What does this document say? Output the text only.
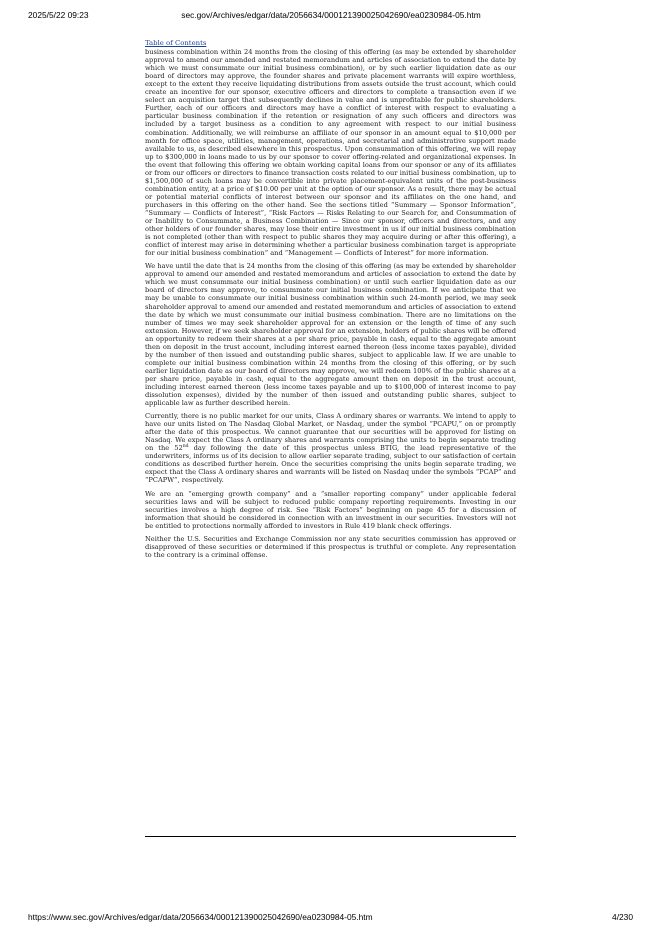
2025/5/22 09:23	sec.gov/Archives/edgar/data/2056634/000121390025042690/ea0230984-05.htm
Table of Contents

business combination within 24 months from the closing of this offering (as may be extended by shareholder approval to amend our amended and restated memorandum and articles of association to extend the date by which we must consummate our initial business combination), or by such earlier liquidation date as our board of directors may approve, the founder shares and private placement warrants will expire worthless, except to the extent they receive liquidating distributions from assets outside the trust account, which could create an incentive for our sponsor, executive officers and directors to complete a transaction even if we select an acquisition target that subsequently declines in value and is unprofitable for public shareholders. Further, each of our officers and directors may have a conflict of interest with respect to evaluating a particular business combination if the retention or resignation of any such officers and directors was included by a target business as a condition to any agreement with respect to our initial business combination. Additionally, we will reimburse an affiliate of our sponsor in an amount equal to $10,000 per month for office space, utilities, management, operations, and secretarial and administrative support made available to us, as described elsewhere in this prospectus. Upon consummation of this offering, we will repay up to $300,000 in loans made to us by our sponsor to cover offering-related and organizational expenses. In the event that following this offering we obtain working capital loans from our sponsor or any of its affiliates or from our officers or directors to finance transaction costs related to our initial business combination, up to $1,500,000 of such loans may be convertible into private placement-equivalent units of the post-business combination entity, at a price of $10.00 per unit at the option of our sponsor. As a result, there may be actual or potential material conflicts of interest between our sponsor and its affiliates on the one hand, and purchasers in this offering on the other hand. See the sections titled “Summary — Sponsor Information”, “Summary — Conflicts of Interest”, “Risk Factors — Risks Relating to our Search for, and Consummation of or Inability to Consummate, a Business Combination — Since our sponsor, officers and directors, and any other holders of our founder shares, may lose their entire investment in us if our initial business combination is not completed (other than with respect to public shares they may acquire during or after this offering), a conflict of interest may arise in determining whether a particular business combination target is appropriate for our initial business combination” and “Management — Conflicts of Interest” for more information.

We have until the date that is 24 months from the closing of this offering (as may be extended by shareholder approval to amend our amended and restated memorandum and articles of association to extend the date by which we must consummate our initial business combination) or until such earlier liquidation date as our board of directors may approve, to consummate our initial business combination. If we anticipate that we may be unable to consummate our initial business combination within such 24-month period, we may seek shareholder approval to amend our amended and restated memorandum and articles of association to extend the date by which we must consummate our initial business combination. There are no limitations on the number of times we may seek shareholder approval for an extension or the length of time of any such extension. However, if we seek shareholder approval for an extension, holders of public shares will be offered an opportunity to redeem their shares at a per share price, payable in cash, equal to the aggregate amount then on deposit in the trust account, including interest earned thereon (less income taxes payable), divided by the number of then issued and outstanding public shares, subject to applicable law. If we are unable to complete our initial business combination within 24 months from the closing of this offering, or by such earlier liquidation date as our board of directors may approve, we will redeem 100% of the public shares at a per share price, payable in cash, equal to the aggregate amount then on deposit in the trust account, including interest earned thereon (less income taxes payable and up to $100,000 of interest income to pay dissolution expenses), divided by the number of then issued and outstanding public shares, subject to applicable law as further described herein.

Currently, there is no public market for our units, Class A ordinary shares or warrants. We intend to apply to have our units listed on The Nasdaq Global Market, or Nasdaq, under the symbol “PCAPU,” on or promptly after the date of this prospectus. We cannot guarantee that our securities will be approved for listing on Nasdaq. We expect the Class A ordinary shares and warrants comprising the units to begin separate trading on the 52nd day following the date of this prospectus unless BTIG, the lead representative of the underwriters, informs us of its decision to allow earlier separate trading, subject to our satisfaction of certain conditions as described further herein. Once the securities comprising the units begin separate trading, we expect that the Class A ordinary shares and warrants will be listed on Nasdaq under the symbols “PCAP” and “PCAPW”, respectively.

We are an “emerging growth company” and a “smaller reporting company” under applicable federal securities laws and will be subject to reduced public company reporting requirements. Investing in our securities involves a high degree of risk. See “Risk Factors” beginning on page 45 for a discussion of information that should be considered in connection with an investment in our securities. Investors will not be entitled to protections normally afforded to investors in Rule 419 blank check offerings.

Neither the U.S. Securities and Exchange Commission nor any state securities commission has approved or disapproved of these securities or determined if this prospectus is truthful or complete. Any representation to the contrary is a criminal offense.

https://www.sec.gov/Archives/edgar/data/2056634/000121390025042690/ea0230984-05.htm	4/230
